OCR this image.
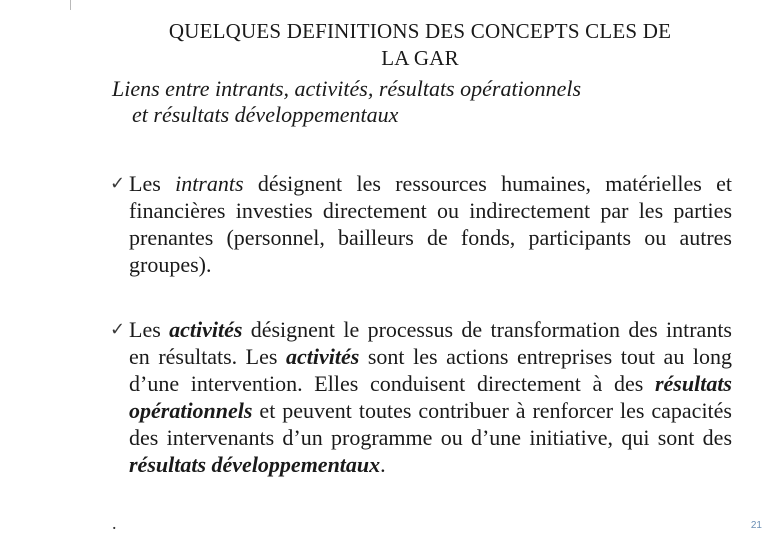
QUELQUES DEFINITIONS DES CONCEPTS CLES DE
LA GAR
Liens entre intrants, activités, résultats opérationnels
et résultats développementaux
✓ Les intrants désignent les ressources humaines, matérielles et financières investies directement ou indirectement par les parties prenantes (personnel, bailleurs de fonds, participants ou autres groupes).
✓ Les activités désignent le processus de transformation des intrants en résultats. Les activités sont les actions entreprises tout au long d’une intervention. Elles conduisent directement à des résultats opérationnels et peuvent toutes contribuer à renforcer les capacités des intervenants d’un programme ou d’une initiative, qui sont des résultats développementaux.
.	21
